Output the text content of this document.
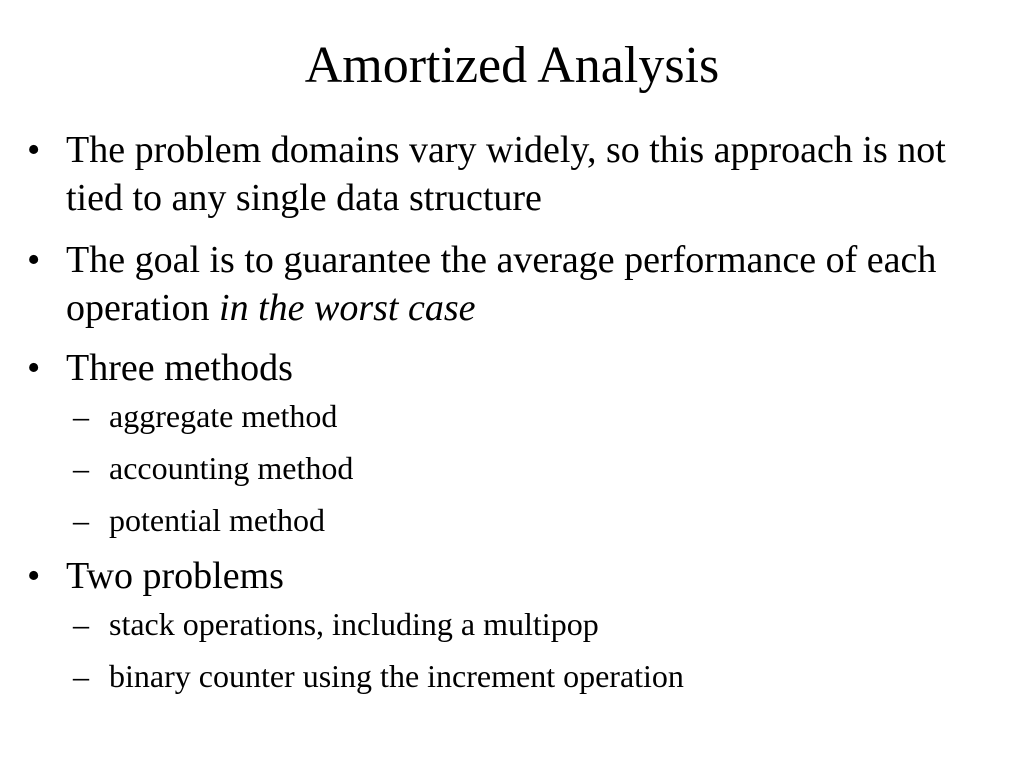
Amortized Analysis
• The problem domains vary widely, so this approach is not tied to any single data structure
• The goal is to guarantee the average performance of each operation in the worst case
• Three methods
– aggregate method
– accounting method
– potential method
• Two problems
– stack operations, including a multipop
– binary counter using the increment operation
